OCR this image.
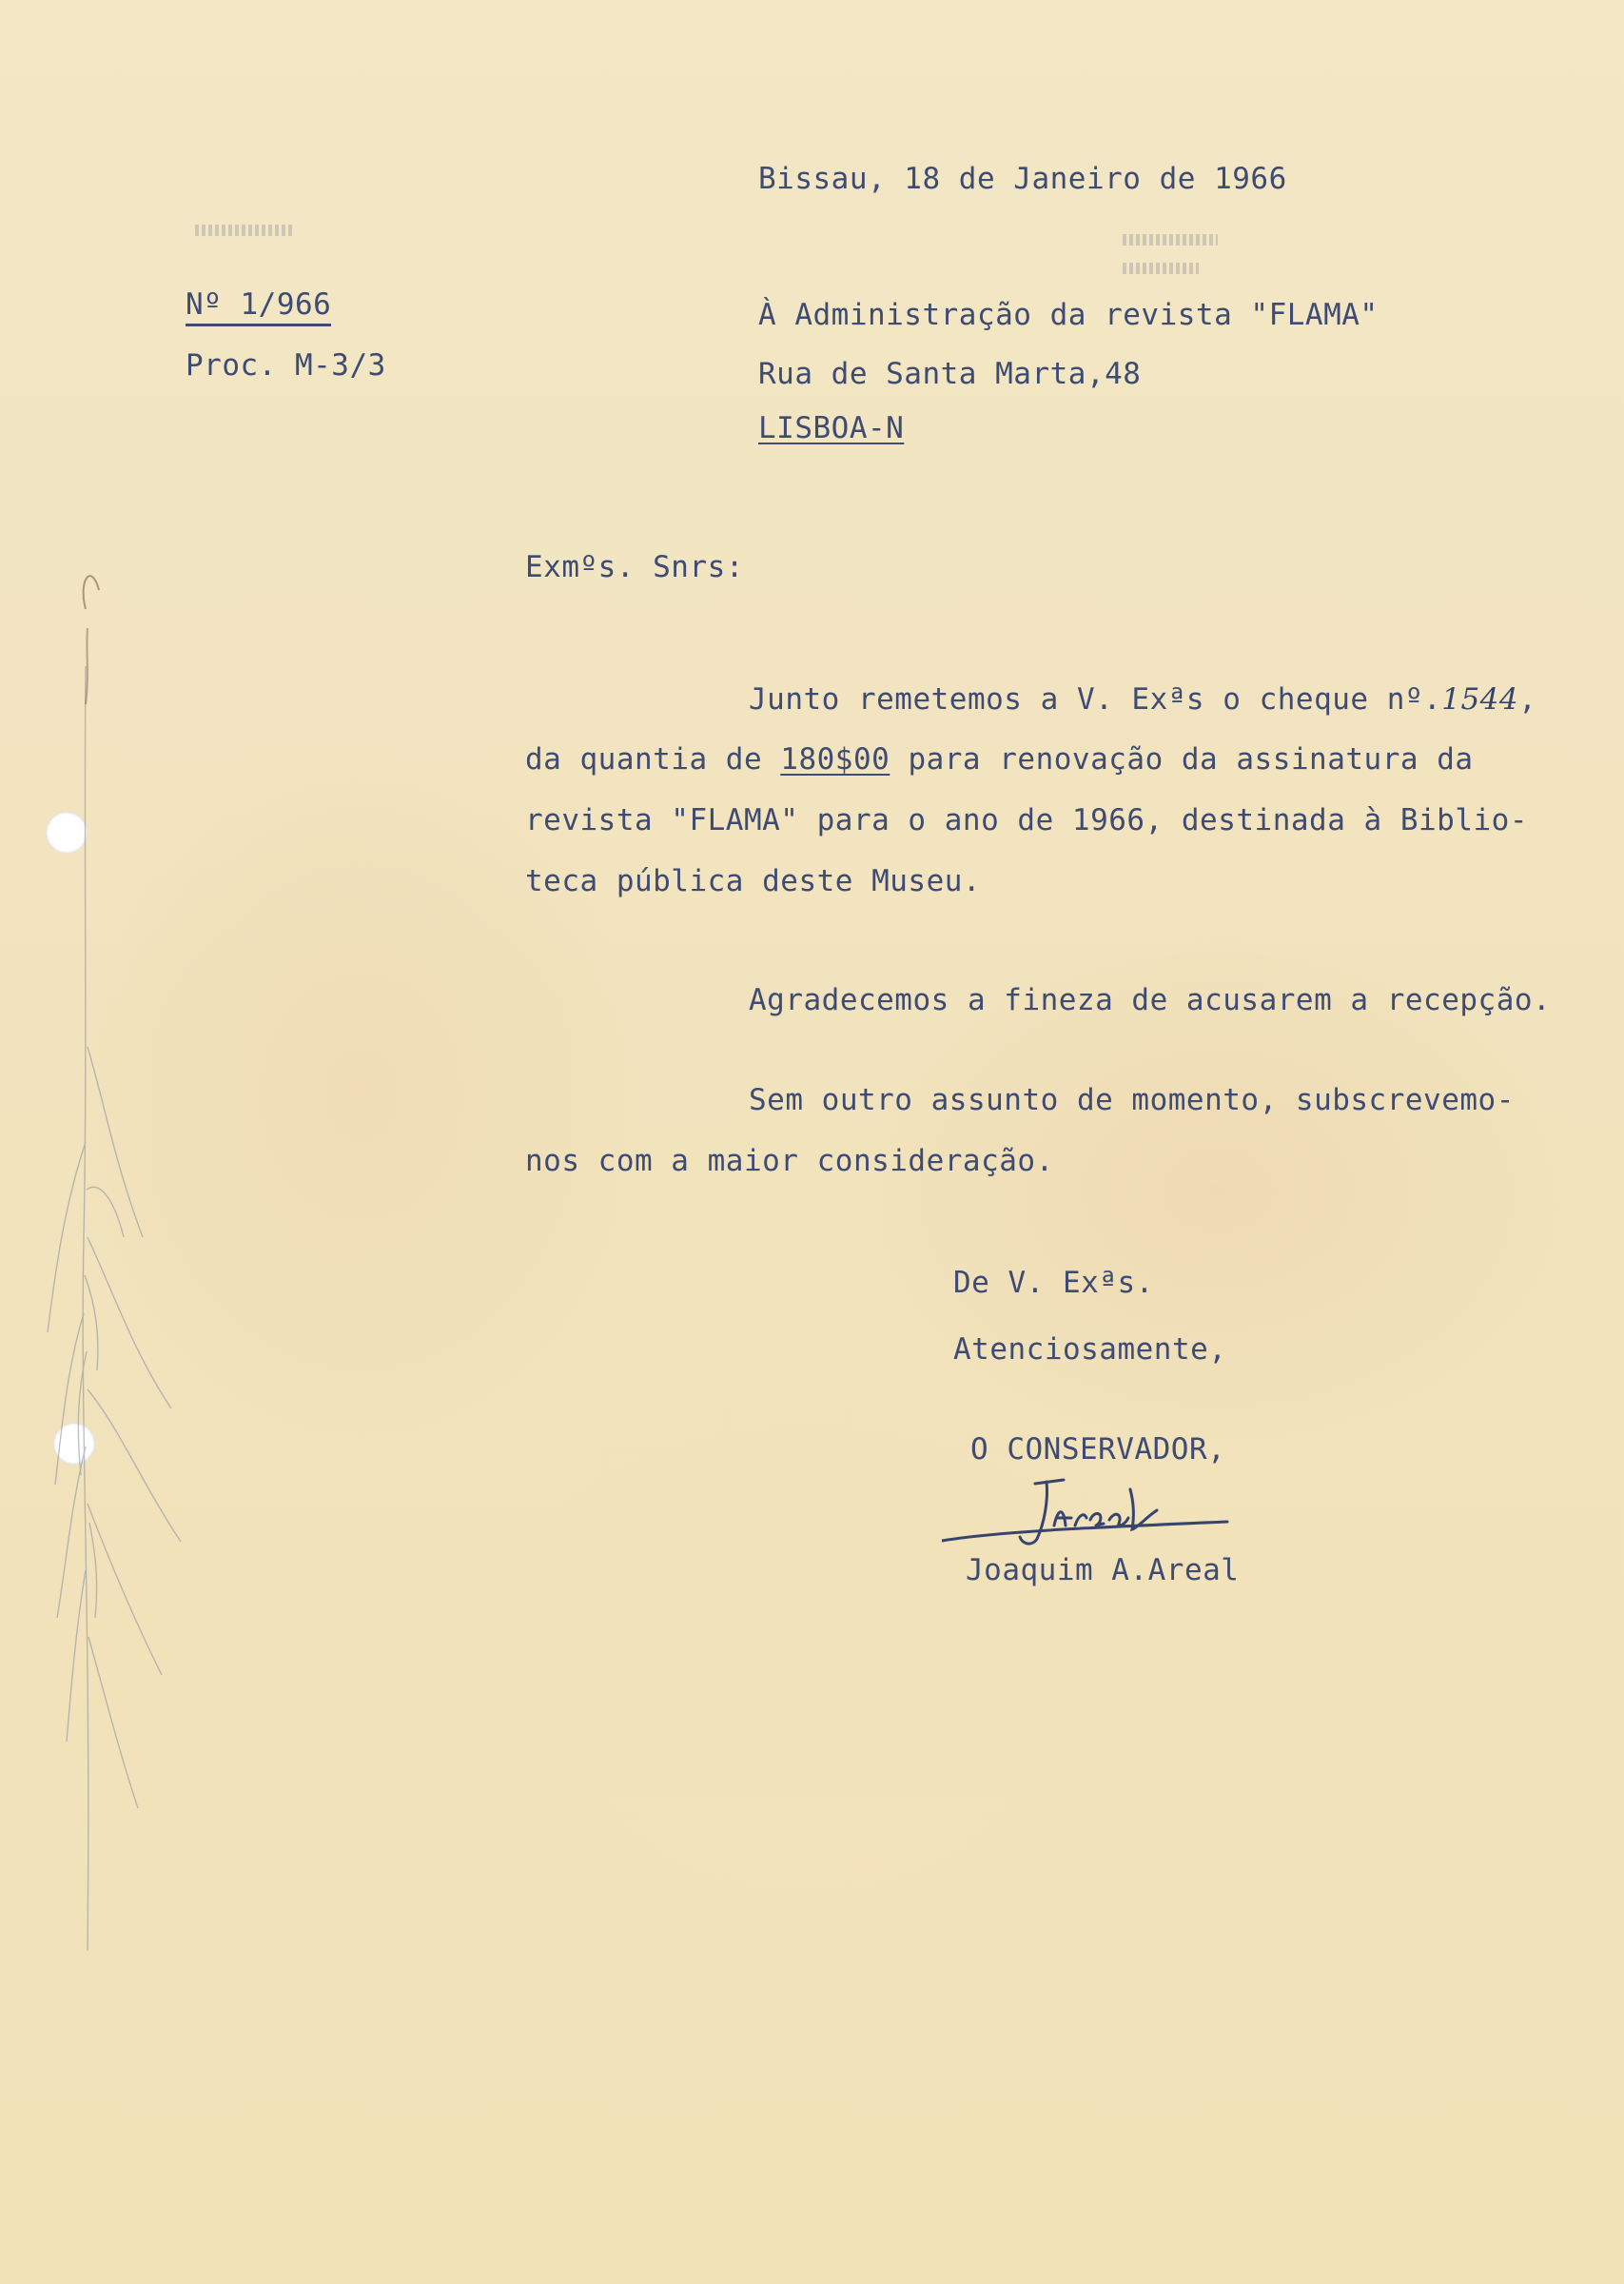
Bissau, 18 de Janeiro de 1966
Nº 1/966
Proc. M-3/3
À Administração da revista "FLAMA"
Rua de Santa Marta,48
LISBOA-N
Exmºs. Snrs:
Junto remetemos a V. Exªs o cheque nº.1544,
da quantia de 180$00 para renovação da assinatura da
revista "FLAMA" para o ano de 1966, destinada à Biblio-
teca pública deste Museu.
Agradecemos a fineza de acusarem a recepção.
Sem outro assunto de momento, subscrevemo-
nos com a maior consideração.
De V. Exªs.
Atenciosamente,
O CONSERVADOR,
Joaquim A.Areal
